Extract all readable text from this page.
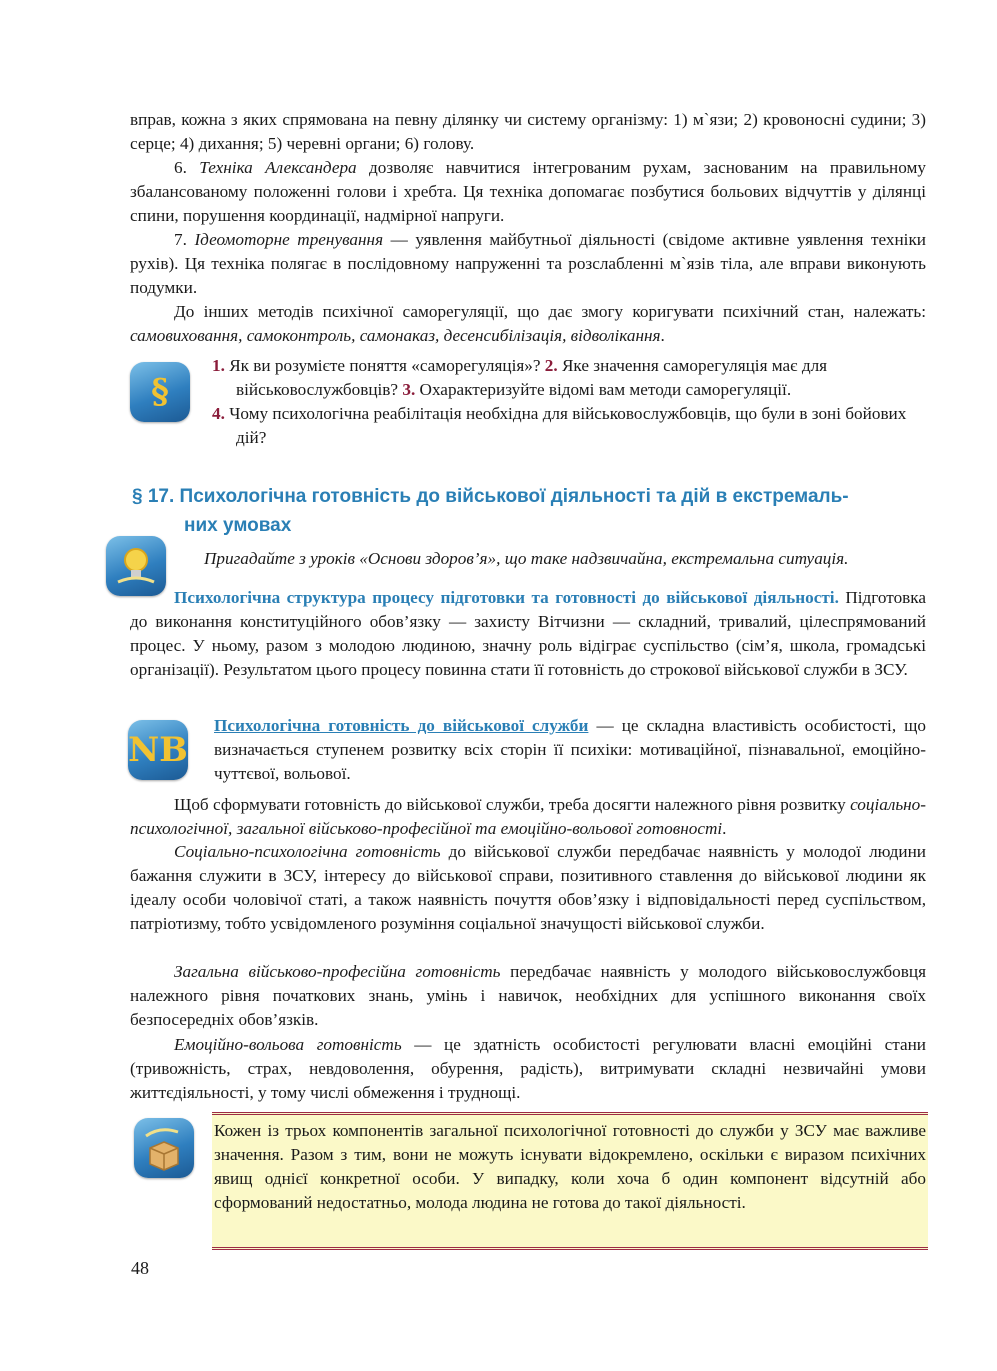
вправ, кожна з яких спрямована на певну ділянку чи систему організму: 1) м`язи; 2) кровоносні судини; 3) серце; 4) дихання; 5) черевні органи; 6) голову.

6. Техніка Александера дозволяє навчитися інтегрованим рухам, заснованим на правильному збалансованому положенні голови і хребта. Ця техніка допомагає позбутися больових відчуттів у ділянці спини, порушення координації, надмірної напруги.

7. Ідеомоторне тренування — уявлення майбутньої діяльності (свідоме активне уявлення техніки рухів). Ця техніка полягає в послідовному напруженні та розслабленні м`язів тіла, але вправи виконують подумки.

До інших методів психічної саморегуляції, що дає змогу коригувати психічний стан, належать: самовиховання, самоконтроль, самонаказ, десенсибілізація, відволікання.

§
1. Як ви розумієте поняття «саморегуляція»? 2. Яке значення саморегуляція має для військовослужбовців? 3. Охарактеризуйте відомі вам методи саморегуляції.
4. Чому психологічна реабілітація необхідна для військовослужбовців, що були в зоні бойових дій?
§ 17. Психологічна готовність до військової діяльності та дій в екстремаль-
них умовах

Пригадайте з уроків «Основи здоров’я», що таке надзвичайна, екстремальна ситуація.

Психологічна структура процесу підготовки та готовності до військової діяльності. Підготовка до виконання конституційного обов’язку — захисту Вітчизни — складний, тривалий, цілеспрямований процес. У ньому, разом з молодою людиною, значну роль відіграє суспільство (сім’я, школа, громадські організації). Результатом цього процесу повинна стати її готовність до строкової військової служби в ЗСУ.

NB

Психологічна готовність до військової служби — це складна властивість особистості, що визначається ступенем розвитку всіх сторін її психіки: мотиваційної, пізнавальної, емоційно-чуттєвої, вольової.

Щоб сформувати готовність до військової служби, треба досягти належного рівня розвитку соціально-психологічної, загальної військово-професійної та емоційно-вольової готовності.

Соціально-психологічна готовність до військової служби передбачає наявність у молодої людини бажання служити в ЗСУ, інтересу до військової справи, позитивного ставлення до військової людини як ідеалу особи чоловічої статі, а також наявність почуття обов’язку і відповідальності перед суспільством, патріотизму, тобто усвідомленого розуміння соціальної значущості військової служби.

Загальна військово-професійна готовність передбачає наявність у молодого військовослужбовця належного рівня початкових знань, умінь і навичок, необхідних для успішного виконання своїх безпосередніх обов’язків.

Емоційно-вольова готовність — це здатність особистості регулювати власні емоційні стани (тривожність, страх, невдоволення, обурення, радість), витримувати складні незвичайні умови життєдіяльності, у тому числі обмеження і труднощі.

Кожен із трьох компонентів загальної психологічної готовності до служби у ЗСУ має важливе значення. Разом з тим, вони не можуть існувати відокремлено, оскільки є виразом психічних явищ однієї конкретної особи. У випадку, коли хоча б один компонент відсутній або сформований недостатньо, молода людина не готова до такої діяльності.
48
